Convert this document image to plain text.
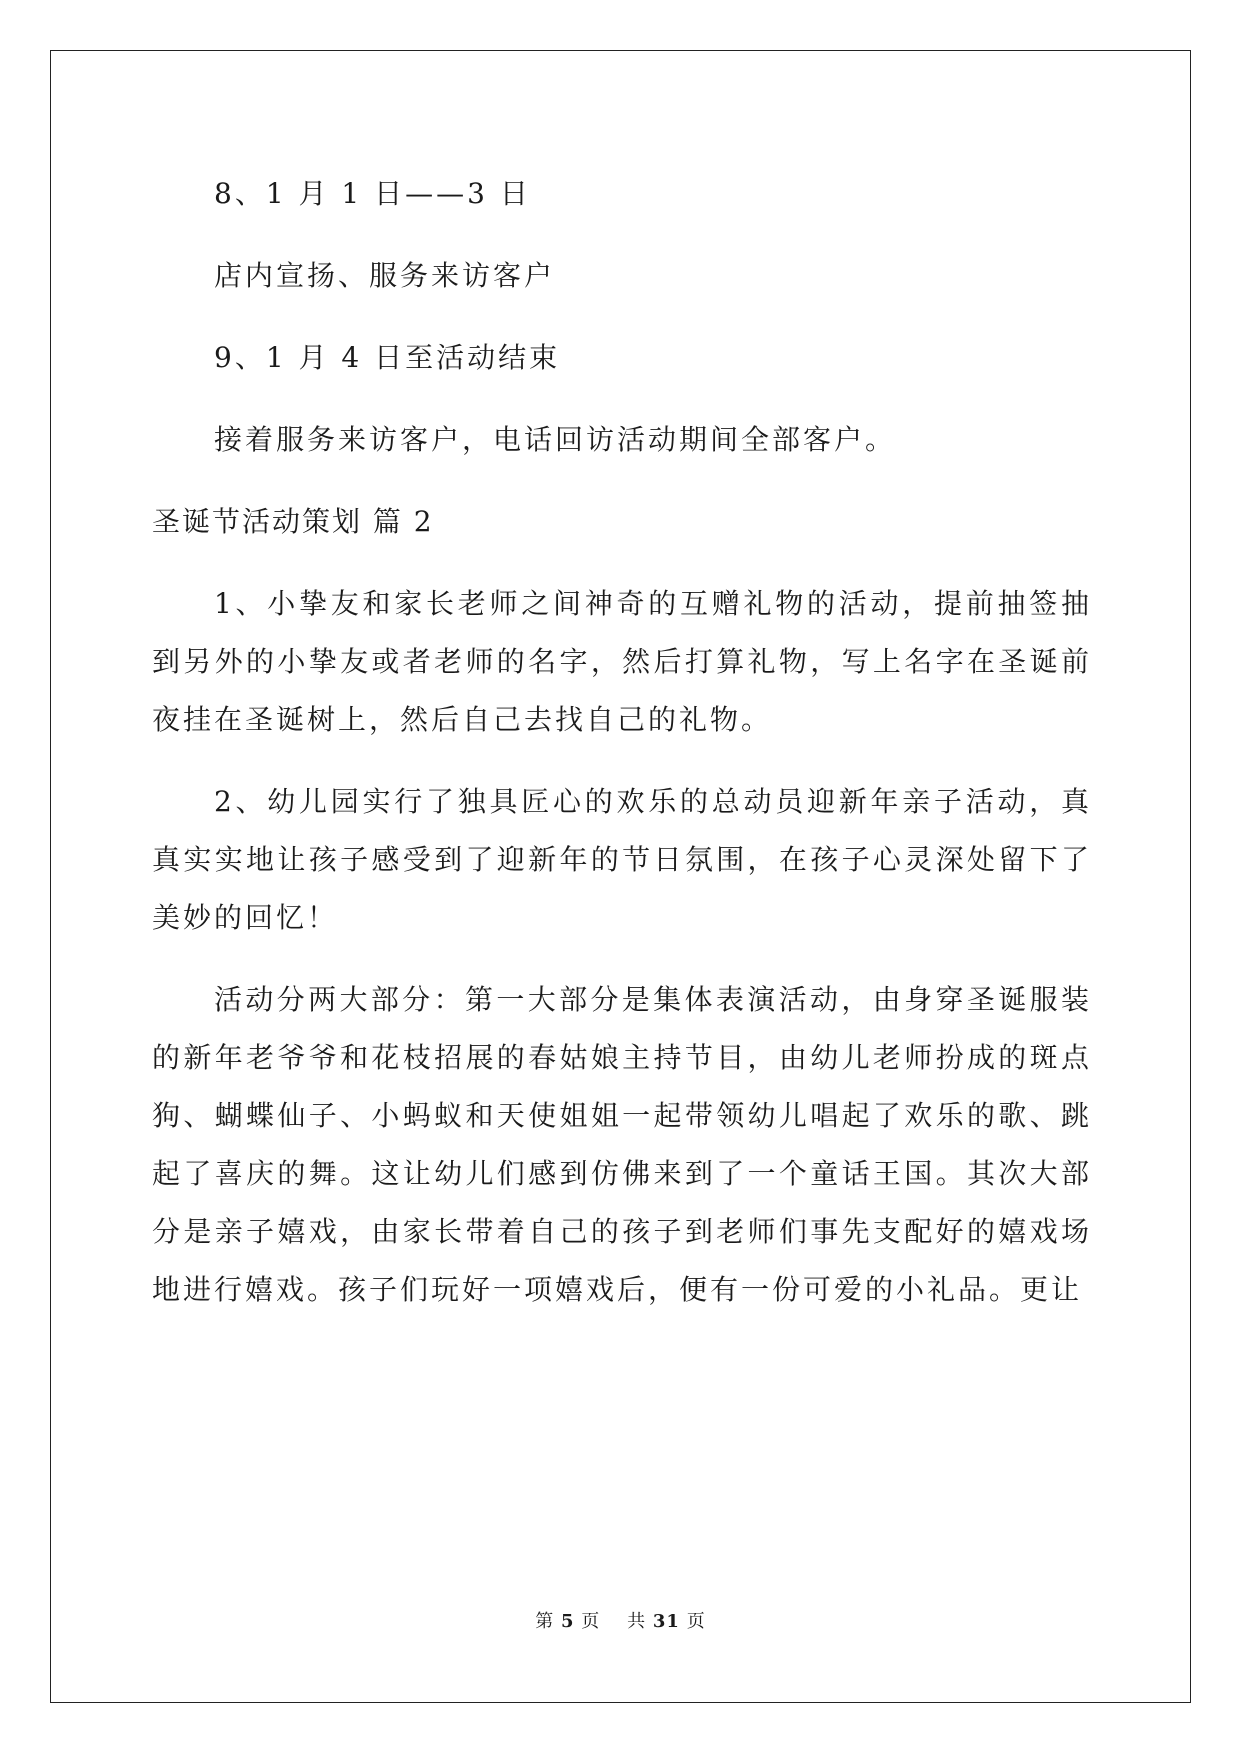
8、1 月 1 日——3 日
店内宣扬、服务来访客户
9、1 月 4 日至活动结束
接着服务来访客户，电话回访活动期间全部客户。
圣诞节活动策划 篇 2

1、小挚友和家长老师之间神奇的互赠礼物的活动，提前抽签抽到另外的小挚友或者老师的名字，然后打算礼物，写上名字在圣诞前夜挂在圣诞树上，然后自己去找自己的礼物。

2、幼儿园实行了独具匠心的欢乐的总动员迎新年亲子活动，真真实实地让孩子感受到了迎新年的节日氛围，在孩子心灵深处留下了美妙的回忆！

活动分两大部分：第一大部分是集体表演活动，由身穿圣诞服装的新年老爷爷和花枝招展的春姑娘主持节目，由幼儿老师扮成的斑点狗、蝴蝶仙子、小蚂蚁和天使姐姐一起带领幼儿唱起了欢乐的歌、跳起了喜庆的舞。这让幼儿们感到仿佛来到了一个童话王国。其次大部分是亲子嬉戏，由家长带着自己的孩子到老师们事先支配好的嬉戏场地进行嬉戏。孩子们玩好一项嬉戏后，便有一份可爱的小礼品。更让

第 5 页    共 31 页
